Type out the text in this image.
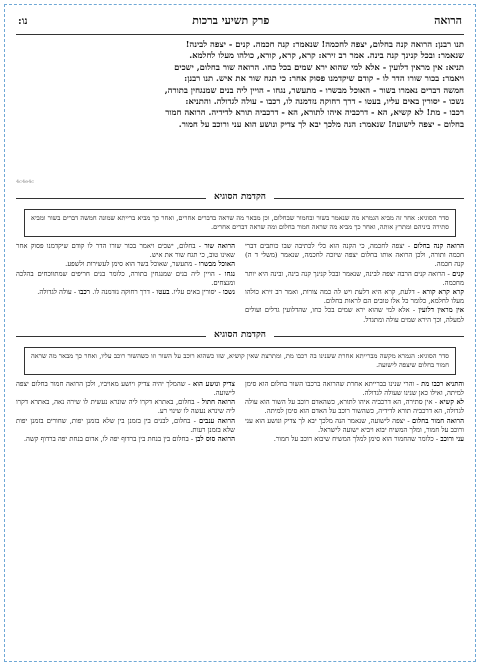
הרואה
פרק תשיעי ברכות
נו:
תנו רבנן: הרואה קנה בחלום, יצפה לחכמה! שנאמר: קנה חכמה. קנים - יצפה לבינה!
שנאמר: ובכל קנינך קנה בינה. אמר רב זירא: קרא, קרא, קורא, כולהו מעלו לחלמא.
תניא: אין מראין דלועין - אלא למי שהוא ירא שמים בכל כחו. הרואה שור בחלום, ישכים
ויאמר: בכור שורו הדר לו - קודם שיקדמנו פסוק אחר: כי תגח שור את איש. תנו רבנן:
חמשה דברים נאמרו בשור - האוכל מבשרו - מתעשר, נגחו - הויין ליה בנים שמנגחין בתורה,
נשכו - יסורין באים עליו, בעטו - דרך רחוקה נזדמנה לו, רכבו - עולה לגדולה. והתניא:
רכבו - מת! לא קשיא, הא - דרכביה איהו לתורא, הא - דרכביה תורא לדידיה. הרואה חמור
בחלום - יצפה לישועה! שנאמר: הנה מלכך יבא לך צדיק ונושע הוא עני ורוכב על חמור.
4c4e4c
הקדמת הסוגיא
סדר הסוגיא: אחר זה מביא הגמרא מה שנאמר בשור ובחמור שבחלום, וכן מבאר מה שראה בדברים אחרים, ואחר כך מביא ברייתא שמונה חמשה דברים בשור ומביא סתירה ביניהם ומתרץ אותה, ואחר כך מביא מה שראה חמור בחלום ומה שראה דברים אחרים.

הרואה קנה בחלום - יצפה לחכמה, כי הקנה הוא כלי לכתיבה שבו כותבים דברי חכמה ותורה, ולכן הרואה אותו בחלום יצפה שיזכה לחכמה, שנאמר (משלי ד ה) קנה חכמה.

קנים - הרואה קנים הרבה יצפה לבינה, שנאמר ובכל קנינך קנה בינה, ובינה היא יותר מחכמה.

קרא קרא קורא - דלעת, קרא היא דלעת ויש לה כמה צורות, ואמר רב זירא כולהו מעלו לחלמא, כלומר כל אלו טובים הם לראות בחלום.

אין מראין דלועין - אלא למי שהוא ירא שמים בכל כחו, שהדלועין גדלים ועולים למעלה, וכך הירא שמים עולה ומתגדל.

הרואה שור - בחלום, ישכים ויאמר בכור שורו הדר לו קודם שיקדמנו פסוק אחר שאינו טוב, כי תגח שור את איש.

האוכל מבשרו - מתעשר, שאוכל בשר הוא סימן לעשירות ולשפע.

נגחו - הויין ליה בנים שמנגחין בתורה, כלומר בנים חריפים שמתווכחים בהלכה ומנצחים.

נשכו - יסורין באים עליו. בעטו - דרך רחוקה נזדמנה לו. רכבו - עולה לגדולה.

הקדמת הסוגיא
סדר הסוגיא: הגמרא מקשה מברייתא אחרת ששנינו בה רכבו מת, ומתרצת שאין קושיא, שזו כשהוא רוכב על השור וזו כשהשור רוכב עליו, ואחר כך מבאר מה שראה חמור בחלום שיצפה לישועה.

והתניא רכבו מת - והרי שנינו בברייתא אחרת שהרואה ברכבו השור בחלום הוא סימן למיתה, ואילו כאן שנינו שעולה לגדולה.

לא קשיא - אין סתירה, הא דרכביה איהו לתורא, כשהאדם רוכב על השור הוא עולה לגדולה, הא דרכביה תורא לדידיה, כשהשור רוכב על האדם הוא סימן למיתה.

הרואה חמור בחלום - יצפה לישועה, שנאמר הנה מלכך יבא לך צדיק ונושע הוא עני ורוכב על חמור, ומלך המשיח יבוא ויביא ישועה לישראל.

עני ורוכב - כלומר שהחמור הוא סימן למלך המשיח שיבוא רוכב על חמור.

צדיק ונושע הוא - שהמלך יהיה צדיק ויושע מאויביו, ולכן הרואה חמור בחלום יצפה לישועה.

הרואה חתול - בחלום, באתרא דקרו ליה שונרא נעשית לו שירה נאה, באתרא דקרו ליה שינרא נעשה לו שינוי רע.

הרואה ענבים - בחלום, לבנים בין בזמנן בין שלא בזמנן יפות, שחורים בזמנן יפות שלא בזמנן רעות.

הרואה סוס לבן - בחלום בין בנחת בין ברדוף יפה לו, אדום בנחת יפה ברדוף קשה.
